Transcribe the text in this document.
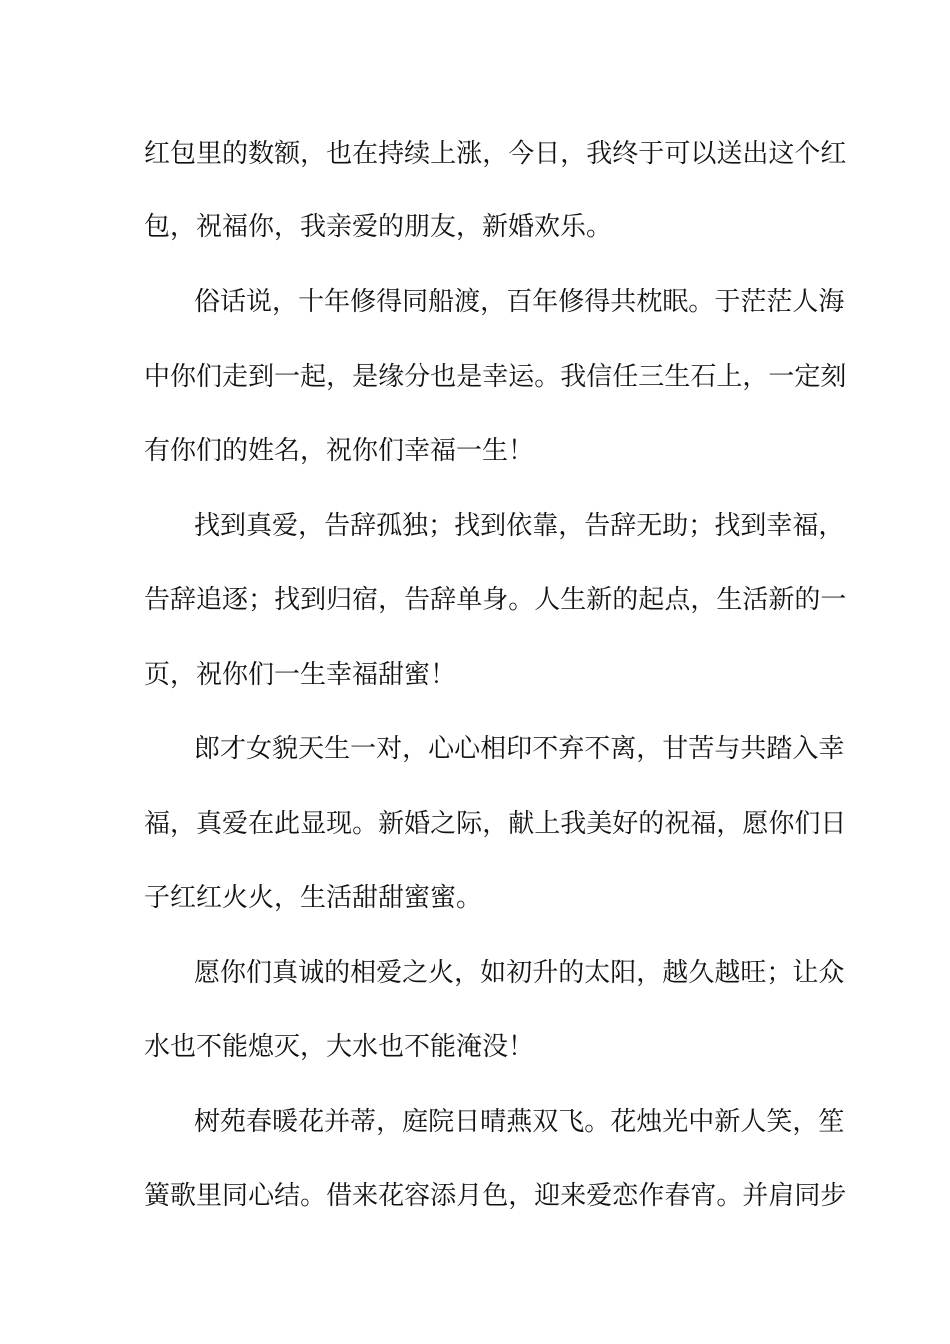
红 包 里 的 数 额 ， 也 在 持 续 上 涨 ， 今 日 ， 我 终 于 可 以 送 出 这 个 红
包，祝福你，我亲爱的朋友，新婚欢乐。
俗 话 说 ， 十 年 修 得 同 船 渡 ， 百 年 修 得 共 枕 眠 。 于 茫 茫 人 海
中 你 们 走 到 一 起 ， 是 缘 分 也 是 幸 运 。 我 信 任 三 生 石 上 ， 一 定 刻
有你们的姓名，祝你们幸福一生！
找 到 真 爱 ， 告 辞 孤 独 ； 找 到 依 靠 ， 告 辞 无 助 ； 找 到 幸 福 ，
告 辞 追 逐 ； 找 到 归 宿 ， 告 辞 单 身 。 人 生 新 的 起 点 ， 生 活 新 的 一
页，祝你们一生幸福甜蜜！
郎 才 女 貌 天 生 一 对 ， 心 心 相 印 不 弃 不 离 ， 甘 苦 与 共 踏 入 幸
福 ， 真 爱 在 此 显 现 。 新 婚 之 际 ， 献 上 我 美 好 的 祝 福 ， 愿 你 们 日
子红红火火，生活甜甜蜜蜜。
愿 你 们 真 诚 的 相 爱 之 火 ， 如 初 升 的 太 阳 ， 越 久 越 旺 ； 让 众
水也不能熄灭，大水也不能淹没！
树 苑 春 暖 花 并 蒂 ， 庭 院 日 晴 燕 双 飞 。 花 烛 光 中 新 人 笑 ， 笙
簧 歌 里 同 心 结 。 借 来 花 容 添 月 色 ， 迎 来 爱 恋 作 春 宵 。 并 肩 同 步
